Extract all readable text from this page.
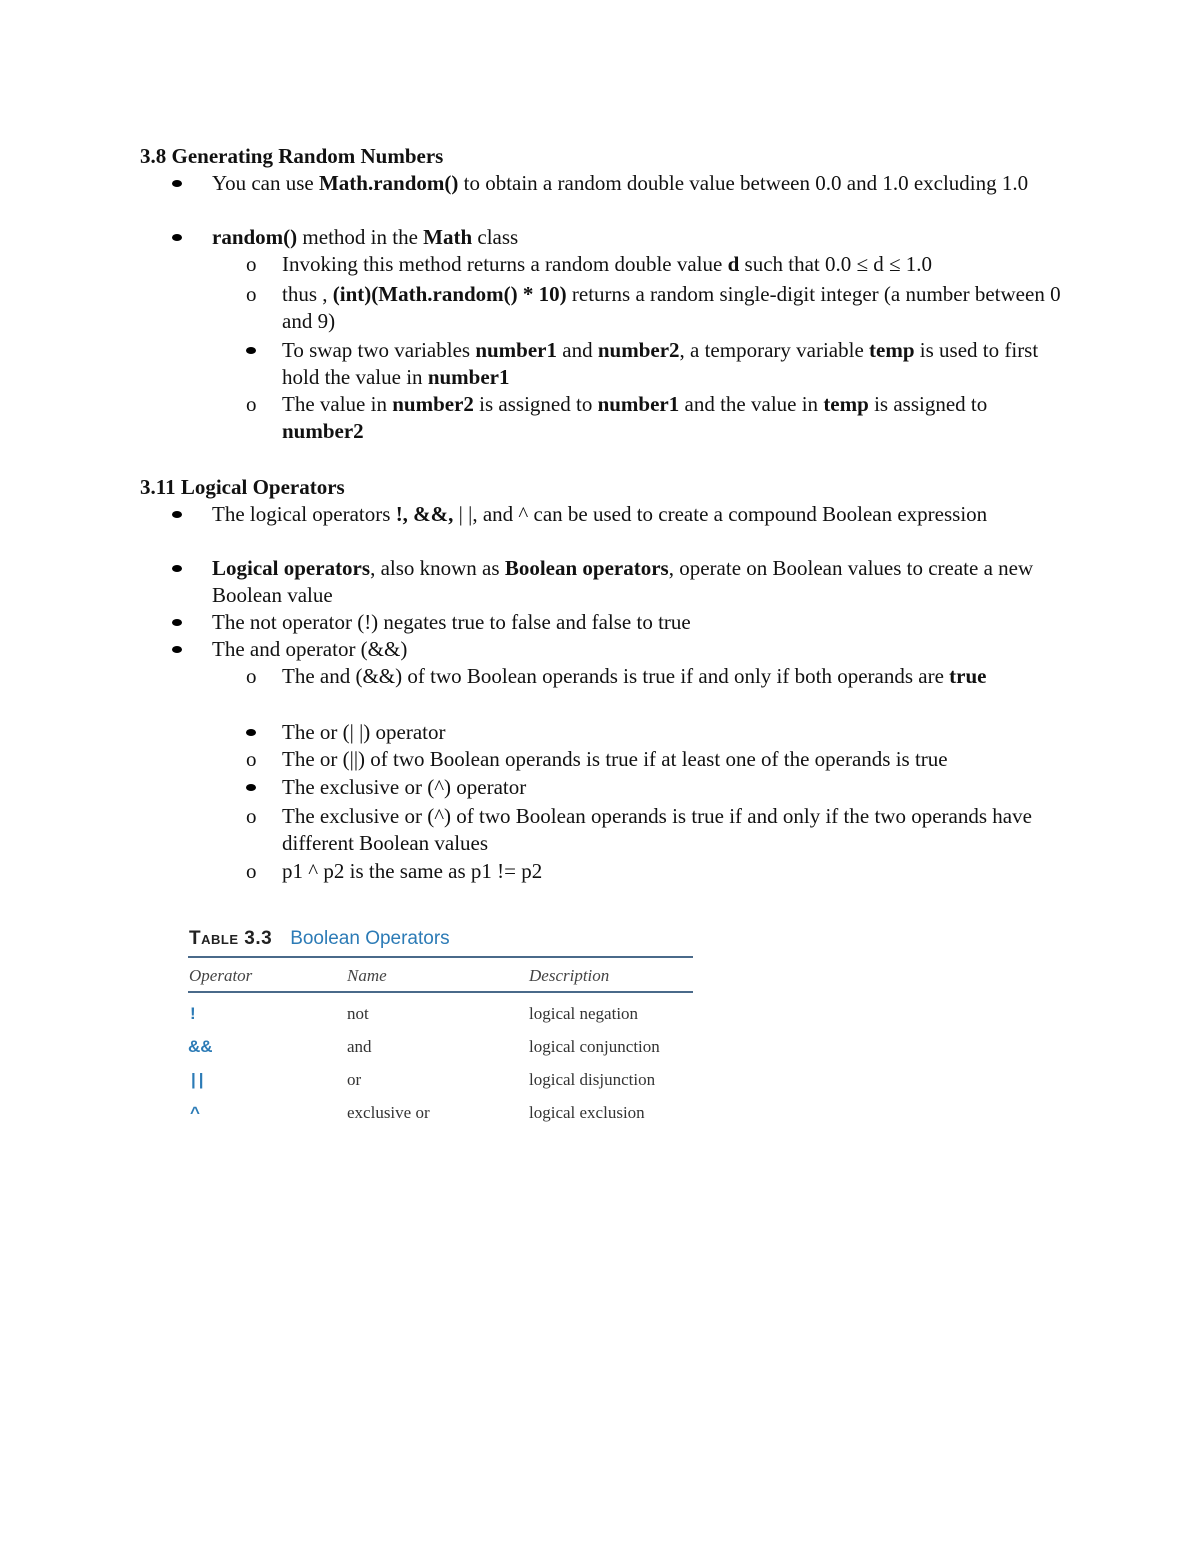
3.8 Generating Random Numbers
You can use Math.random() to obtain a random double value between 0.0 and 1.0 excluding 1.0
random() method in the Math class
o Invoking this method returns a random double value d such that 0.0 ≤ d ≤ 1.0
o thus , (int)(Math.random() * 10) returns a random single-digit integer (a number between 0 and 9)
To swap two variables number1 and number2, a temporary variable temp is used to first hold the value in number1
o The value in number2 is assigned to number1 and the value in temp is assigned to number2
3.11 Logical Operators
The logical operators !, &&, | |, and ^ can be used to create a compound Boolean expression
Logical operators, also known as Boolean operators, operate on Boolean values to create a new Boolean value
The not operator (!) negates true to false and false to true
The and operator (&&)
o The and (&&) of two Boolean operands is true if and only if both operands are true
The or (| |) operator
o The or (||) of two Boolean operands is true if at least one of the operands is true
The exclusive or (^) operator
o The exclusive or (^) of two Boolean operands is true if and only if the two operands have different Boolean values
o p1 ^ p2 is the same as p1 != p2
Table 3.3 Boolean Operators
Operator	Name	Description
!	not	logical negation
&&	and	logical conjunction
||	or	logical disjunction
^	exclusive or	logical exclusion
